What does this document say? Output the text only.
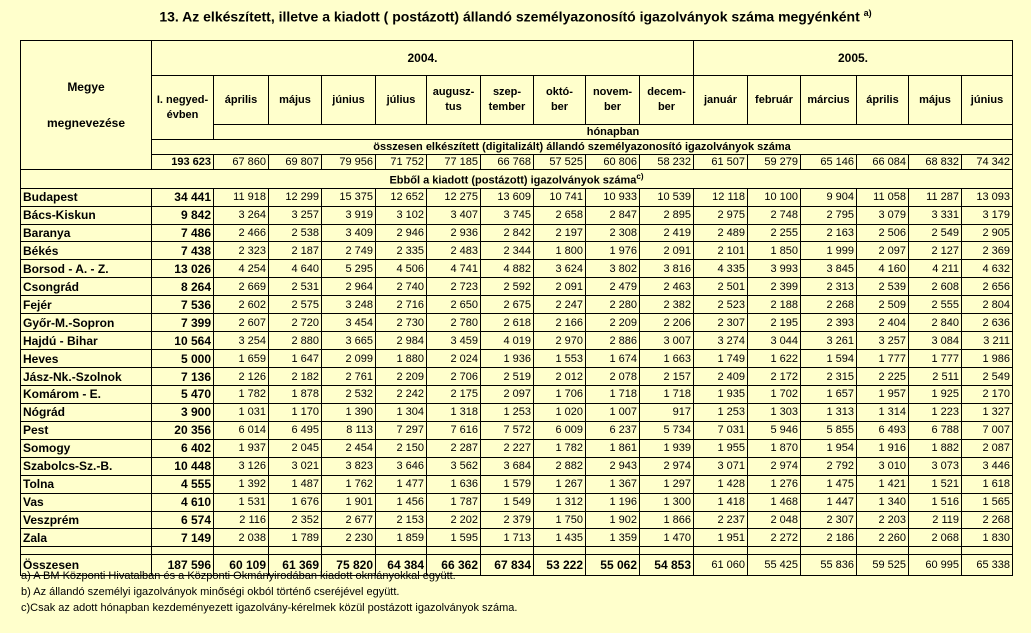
13. Az elkészített, illetve a kiadott ( postázott) állandó személyazonosító igazolványok száma megyénként $^{a)}$
Megye
megnevezése	2004.										2005.					
	I. negyed- évben	április	május	június	július	augusz- tus	szep- tember	októ- ber	novem- ber	decem- ber	január	február	március	április	május	június
		hónapban														
	összesen elkészített (digitalizált) állandó személyazonosító igazolványok száma															
	193 623	67 860	69 807	79 956	71 752	77 185	66 768	57 525	60 806	58 232	61 507	59 279	65 146	66 084	68 832	74 342
Ebből a kiadott (postázott) igazolványok száma$^{c)}$
Budapest	34 441	11 918	12 299	15 375	12 652	12 275	13 609	10 741	10 933	10 539	12 118	10 100	9 904	11 058	11 287	13 093
Bács-Kiskun	9 842	3 264	3 257	3 919	3 102	3 407	3 745	2 658	2 847	2 895	2 975	2 748	2 795	3 079	3 331	3 179
Baranya	7 486	2 466	2 538	3 409	2 946	2 936	2 842	2 197	2 308	2 419	2 489	2 255	2 163	2 506	2 549	2 905
Békés	7 438	2 323	2 187	2 749	2 335	2 483	2 344	1 800	1 976	2 091	2 101	1 850	1 999	2 097	2 127	2 369
Borsod - A. - Z.	13 026	4 254	4 640	5 295	4 506	4 741	4 882	3 624	3 802	3 816	4 335	3 993	3 845	4 160	4 211	4 632
Csongrád	8 264	2 669	2 531	2 964	2 740	2 723	2 592	2 091	2 479	2 463	2 501	2 399	2 313	2 539	2 608	2 656
Fejér	7 536	2 602	2 575	3 248	2 716	2 650	2 675	2 247	2 280	2 382	2 523	2 188	2 268	2 509	2 555	2 804
Győr-M.-Sopron	7 399	2 607	2 720	3 454	2 730	2 780	2 618	2 166	2 209	2 206	2 307	2 195	2 393	2 404	2 840	2 636
Hajdú - Bihar	10 564	3 254	2 880	3 665	2 984	3 459	4 019	2 970	2 886	3 007	3 274	3 044	3 261	3 257	3 084	3 211
Heves	5 000	1 659	1 647	2 099	1 880	2 024	1 936	1 553	1 674	1 663	1 749	1 622	1 594	1 777	1 777	1 986
Jász-Nk.-Szolnok	7 136	2 126	2 182	2 761	2 209	2 706	2 519	2 012	2 078	2 157	2 409	2 172	2 315	2 225	2 511	2 549
Komárom - E.	5 470	1 782	1 878	2 532	2 242	2 175	2 097	1 706	1 718	1 718	1 935	1 702	1 657	1 957	1 925	2 170
Nógrád	3 900	1 031	1 170	1 390	1 304	1 318	1 253	1 020	1 007	917	1 253	1 303	1 313	1 314	1 223	1 327
Pest	20 356	6 014	6 495	8 113	7 297	7 616	7 572	6 009	6 237	5 734	7 031	5 946	5 855	6 493	6 788	7 007
Somogy	6 402	1 937	2 045	2 454	2 150	2 287	2 227	1 782	1 861	1 939	1 955	1 870	1 954	1 916	1 882	2 087
Szabolcs-Sz.-B.	10 448	3 126	3 021	3 823	3 646	3 562	3 684	2 882	2 943	2 974	3 071	2 974	2 792	3 010	3 073	3 446
Tolna	4 555	1 392	1 487	1 762	1 477	1 636	1 579	1 267	1 367	1 297	1 428	1 276	1 475	1 421	1 521	1 618
Vas	4 610	1 531	1 676	1 901	1 456	1 787	1 549	1 312	1 196	1 300	1 418	1 468	1 447	1 340	1 516	1 565
Veszprém	6 574	2 116	2 352	2 677	2 153	2 202	2 379	1 750	1 902	1 866	2 237	2 048	2 307	2 203	2 119	2 268
Zala	7 149	2 038	1 789	2 230	1 859	1 595	1 713	1 435	1 359	1 470	1 951	2 272	2 186	2 260	2 068	1 830

Összesen	187 596	60 109	61 369	75 820	64 384	66 362	67 834	53 222	55 062	54 853	61 060	55 425	55 836	59 525	60 995	65 338
a) A BM Központi Hivatalban és a Központi Okmányirodában kiadott okmányokkal együtt.
b) Az állandó személyi igazolványok minőségi okból történő cseréjével együtt.
c)Csak az adott hónapban kezdeményezett igazolvány-kérelmek közül postázott igazolványok száma.
